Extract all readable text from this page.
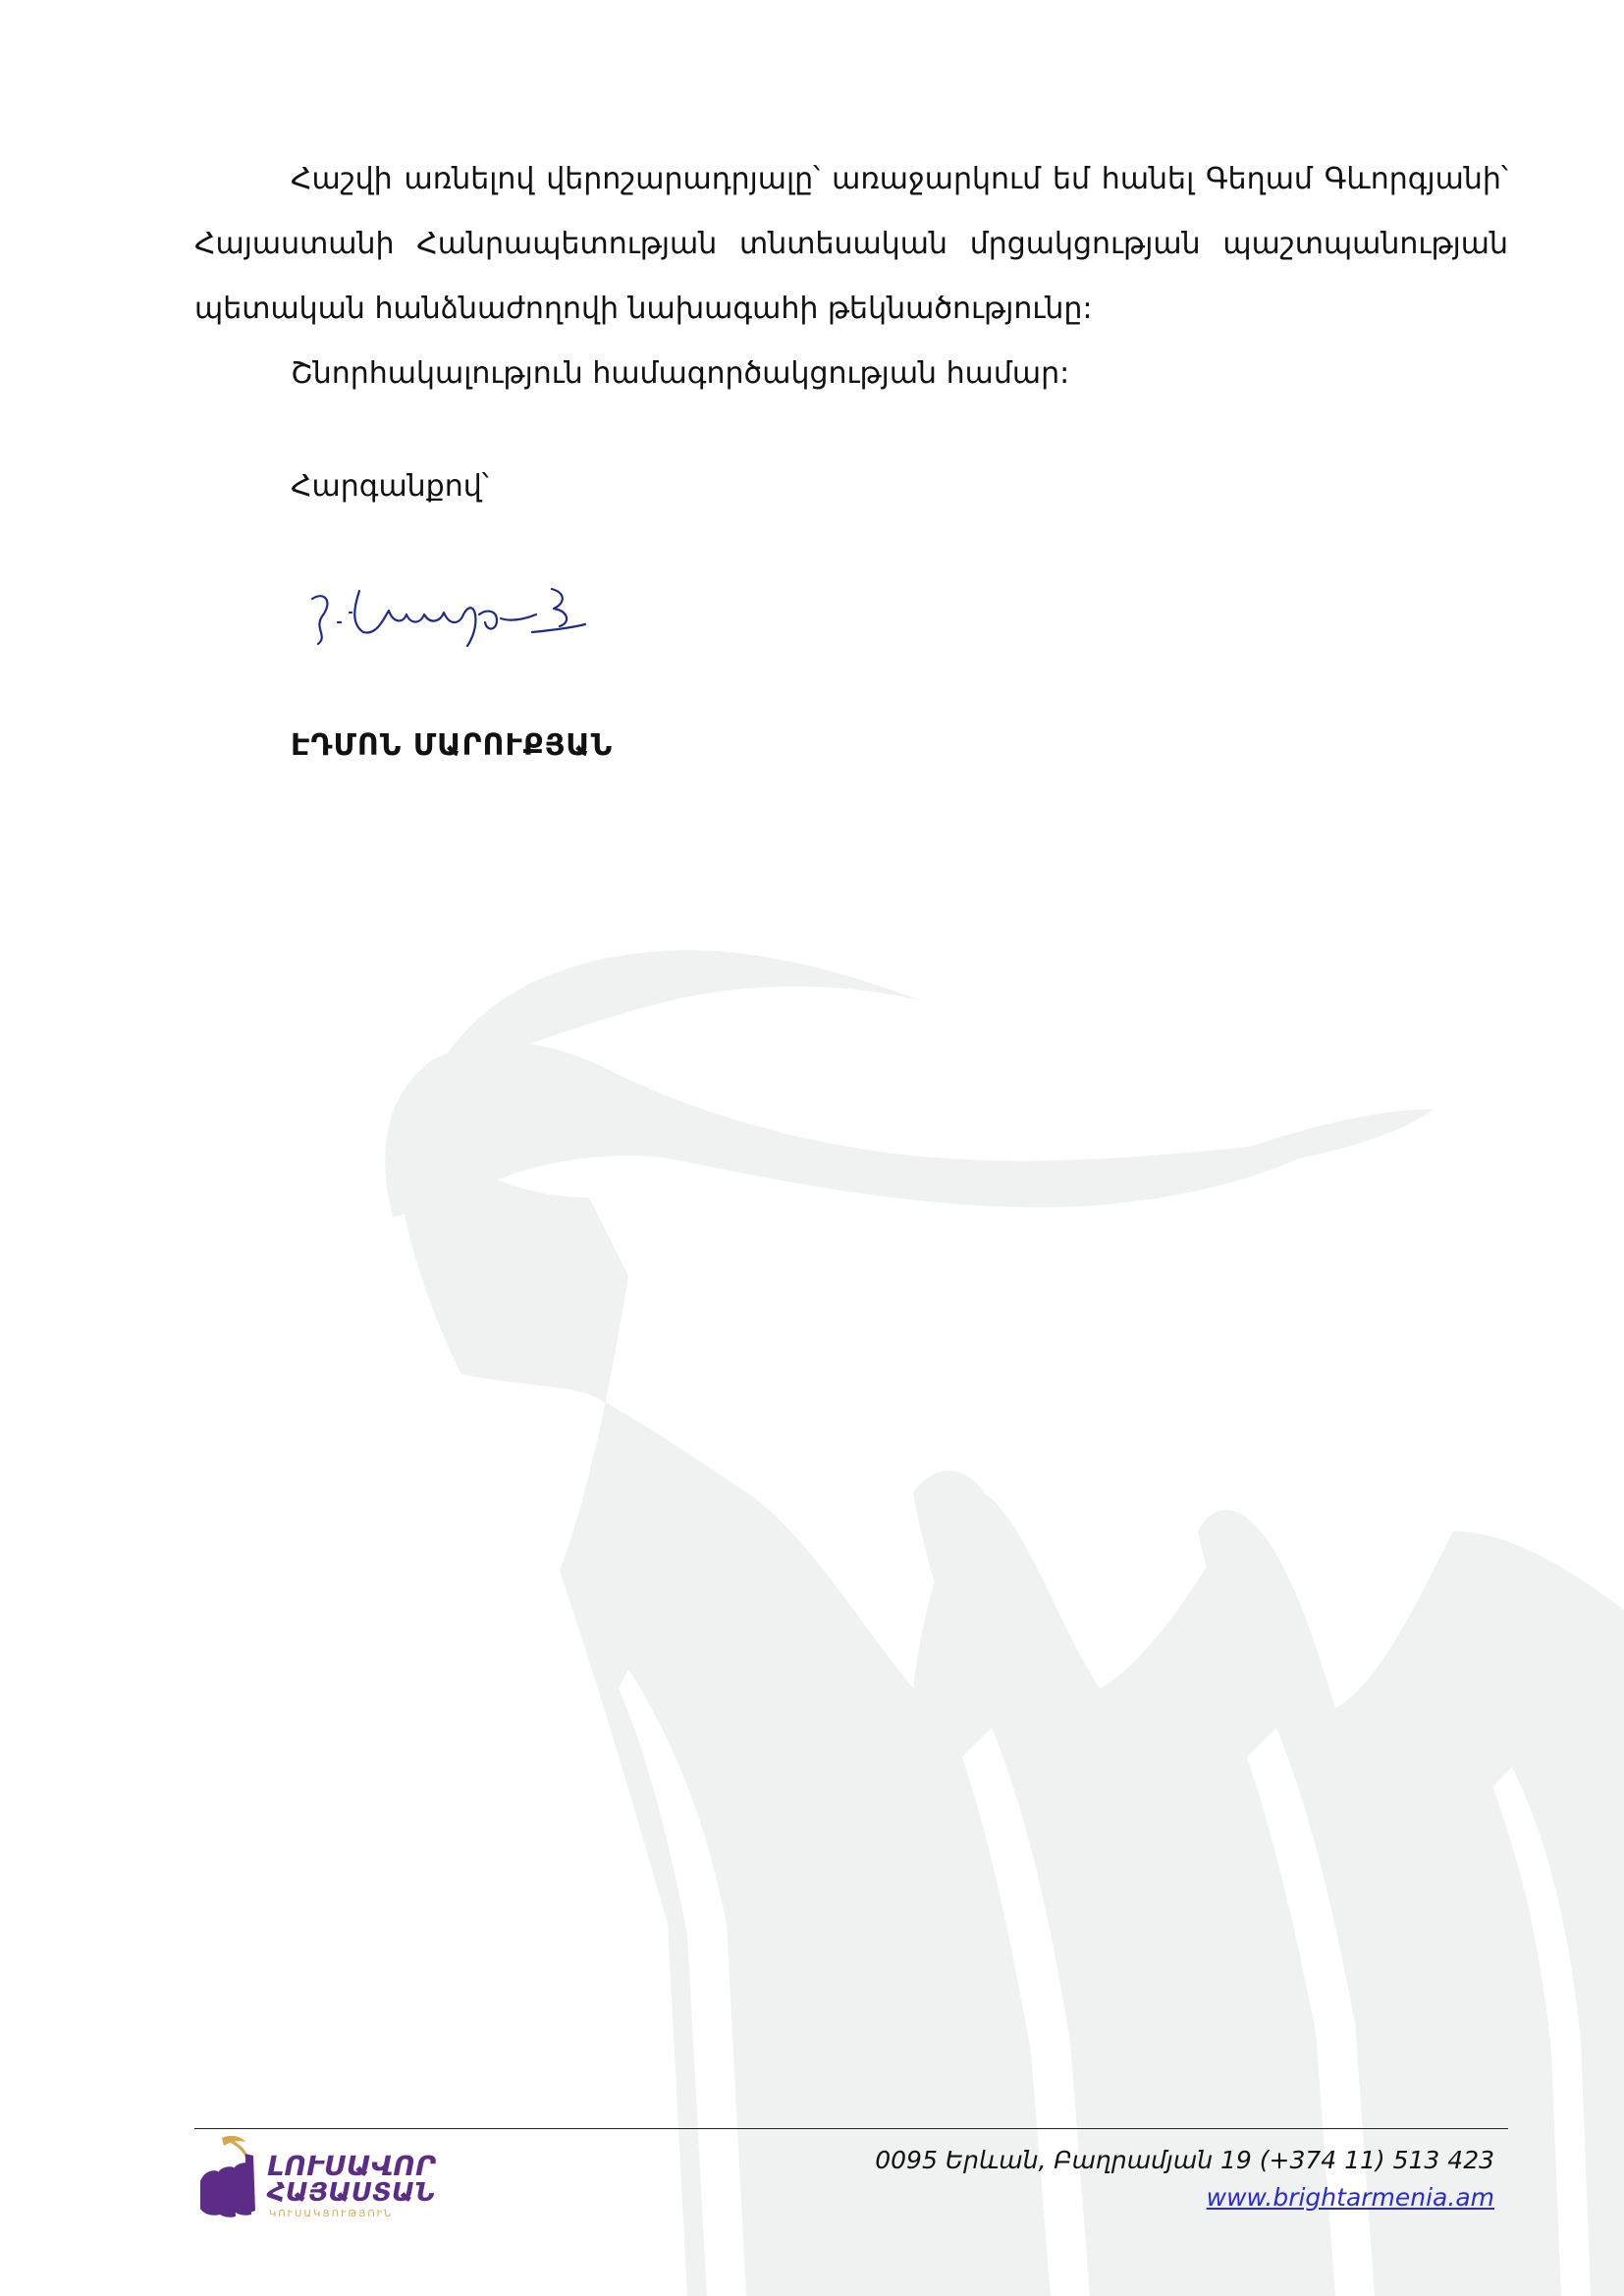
Հաշվի առնելով վերոշարադրյալը՝ առաջարկում եմ հանել Գեղամ Գևորգյանի՝ Հայաստանի Հանրապետության տնտեսական մրցակցության պաշտպանության պետական հանձնաժողովի նախագահի թեկնածությունը:

Շնորհակալություն համագործակցության համար:

Հարգանքով՝
ԷԴՄՈՆ ՄԱՐՈՒՔՅԱՆ
ԼՈՒՍԱՎՈՐ
ՀԱՅԱՍՏԱՆ
ԿՈՒՍԱԿՑՈՒԹՅՈՒՆ
0095 Երևան, Բաղրամյան 19 (+374 11) 513 423
www.brightarmenia.am
